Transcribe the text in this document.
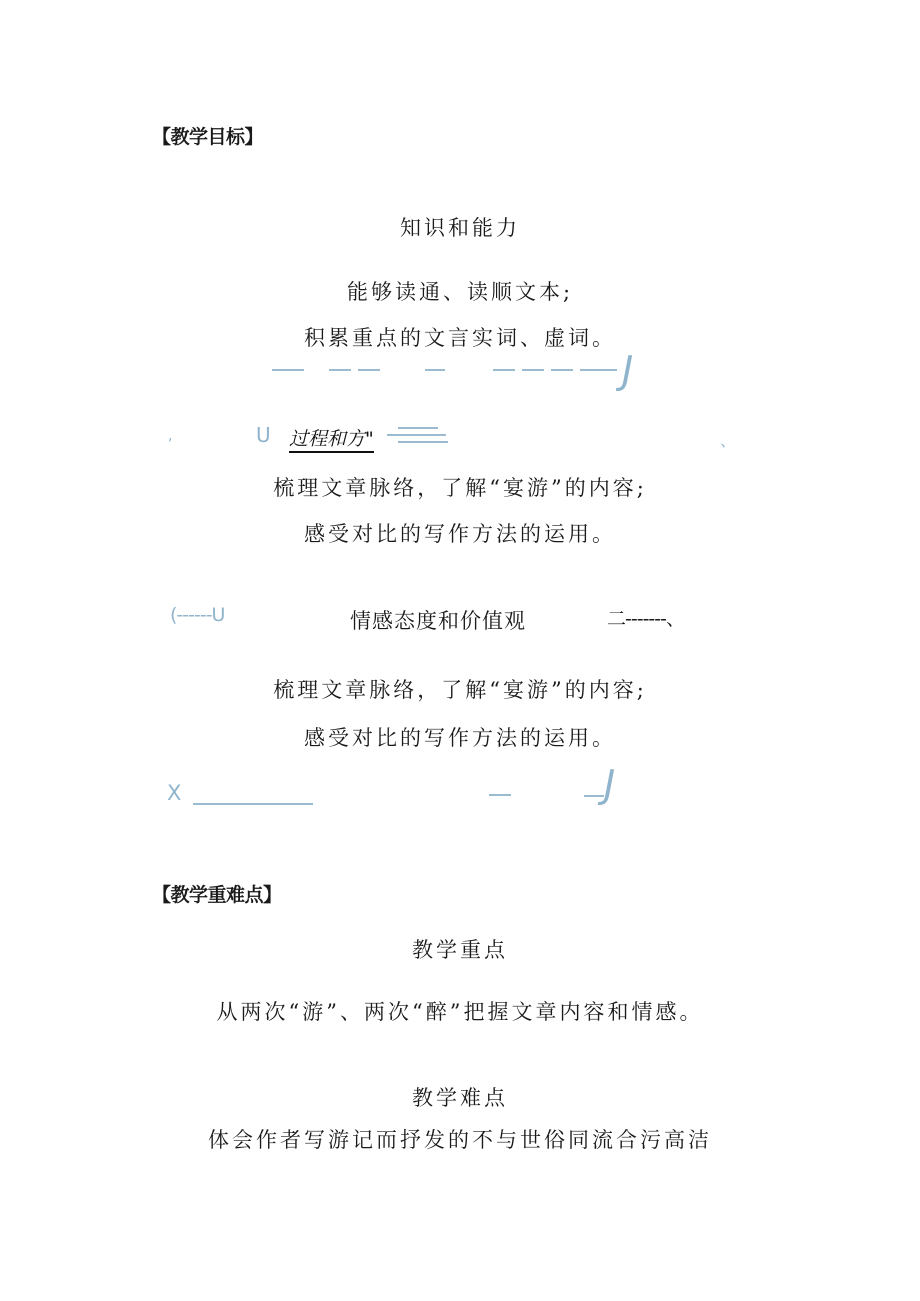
【教学目标】
知识和能力
能够读通、读顺文本;
积累重点的文言实词、虚词。
J
,	U 过程和方"	、
梳理文章脉络，了解“宴游”的内容;
感受对比的写作方法的运用。
(------U	情感态度和价值观	二-------、
梳理文章脉络，了解“宴游”的内容;
感受对比的写作方法的运用。
X	J
【教学重难点】
教学重点
从两次“游”、两次“醉”把握文章内容和情感。
教学难点
体会作者写游记而抒发的不与世俗同流合污高洁
